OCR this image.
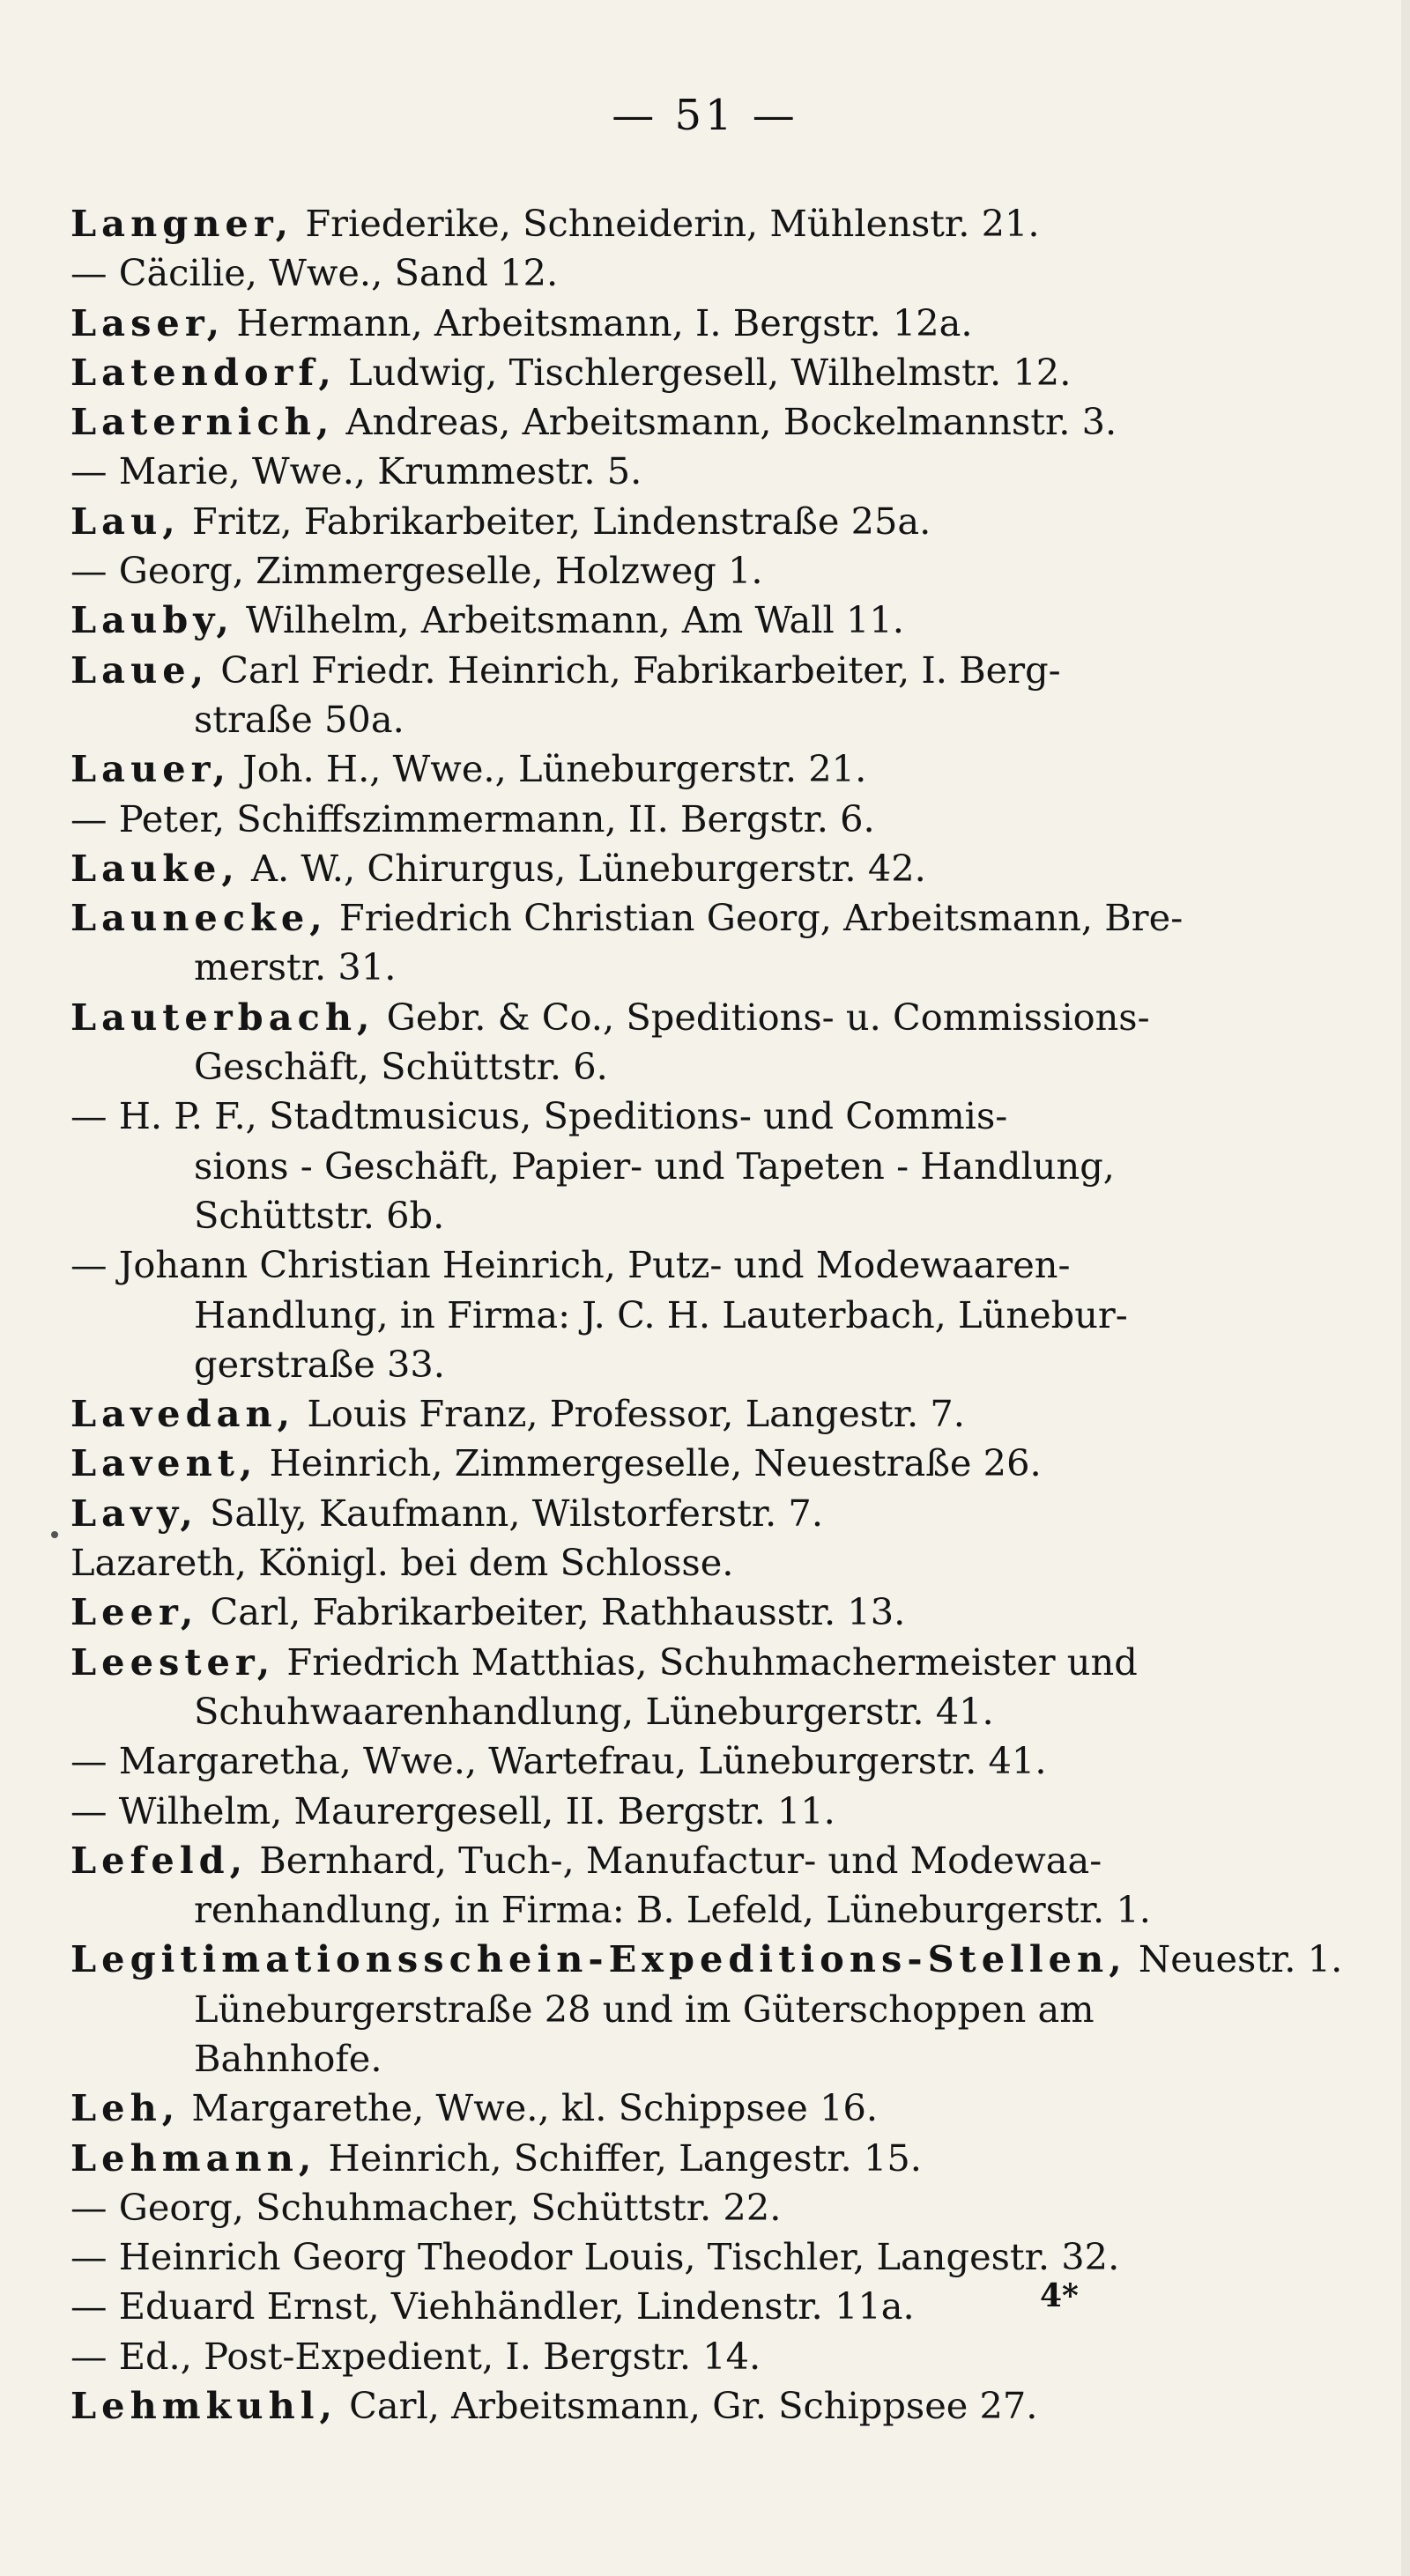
— 51 —
Langner, Friederike, Schneiderin, Mühlenstr. 21.
— Cäcilie, Wwe., Sand 12.
Laser, Hermann, Arbeitsmann, I. Bergstr. 12a.
Latendorf, Ludwig, Tischlergesell, Wilhelmstr. 12.
Laternich, Andreas, Arbeitsmann, Bockelmannstr. 3.
— Marie, Wwe., Krummestr. 5.
Lau, Fritz, Fabrikarbeiter, Lindenstraße 25a.
— Georg, Zimmergeselle, Holzweg 1.
Lauby, Wilhelm, Arbeitsmann, Am Wall 11.
Laue, Carl Friedr. Heinrich, Fabrikarbeiter, I. Berg-
straße 50a.
Lauer, Joh. H., Wwe., Lüneburgerstr. 21.
— Peter, Schiffszimmermann, II. Bergstr. 6.
Lauke, A. W., Chirurgus, Lüneburgerstr. 42.
Launecke, Friedrich Christian Georg, Arbeitsmann, Bre-
merstr. 31.
Lauterbach, Gebr. & Co., Speditions- u. Commissions-
Geschäft, Schüttstr. 6.
— H. P. F., Stadtmusicus, Speditions- und Commis-
sions - Geschäft, Papier- und Tapeten - Handlung,
Schüttstr. 6b.
— Johann Christian Heinrich, Putz- und Modewaaren-
Handlung, in Firma: J. C. H. Lauterbach, Lünebur-
gerstraße 33.
Lavedan, Louis Franz, Professor, Langestr. 7.
Lavent, Heinrich, Zimmergeselle, Neuestraße 26.
Lavy, Sally, Kaufmann, Wilstorferstr. 7.
Lazareth, Königl. bei dem Schlosse.
Leer, Carl, Fabrikarbeiter, Rathhausstr. 13.
Leester, Friedrich Matthias, Schuhmachermeister und
Schuhwaarenhandlung, Lüneburgerstr. 41.
— Margaretha, Wwe., Wartefrau, Lüneburgerstr. 41.
— Wilhelm, Maurergesell, II. Bergstr. 11.
Lefeld, Bernhard, Tuch-, Manufactur- und Modewaa-
renhandlung, in Firma: B. Lefeld, Lüneburgerstr. 1.
Legitimationsschein-Expeditions-Stellen, Neuestr. 1.
Lüneburgerstraße 28 und im Güterschoppen am
Bahnhofe.
Leh, Margarethe, Wwe., kl. Schippsee 16.
Lehmann, Heinrich, Schiffer, Langestr. 15.
— Georg, Schuhmacher, Schüttstr. 22.
— Heinrich Georg Theodor Louis, Tischler, Langestr. 32.
— Eduard Ernst, Viehhändler, Lindenstr. 11a.
— Ed., Post-Expedient, I. Bergstr. 14.
Lehmkuhl, Carl, Arbeitsmann, Gr. Schippsee 27.
4*
